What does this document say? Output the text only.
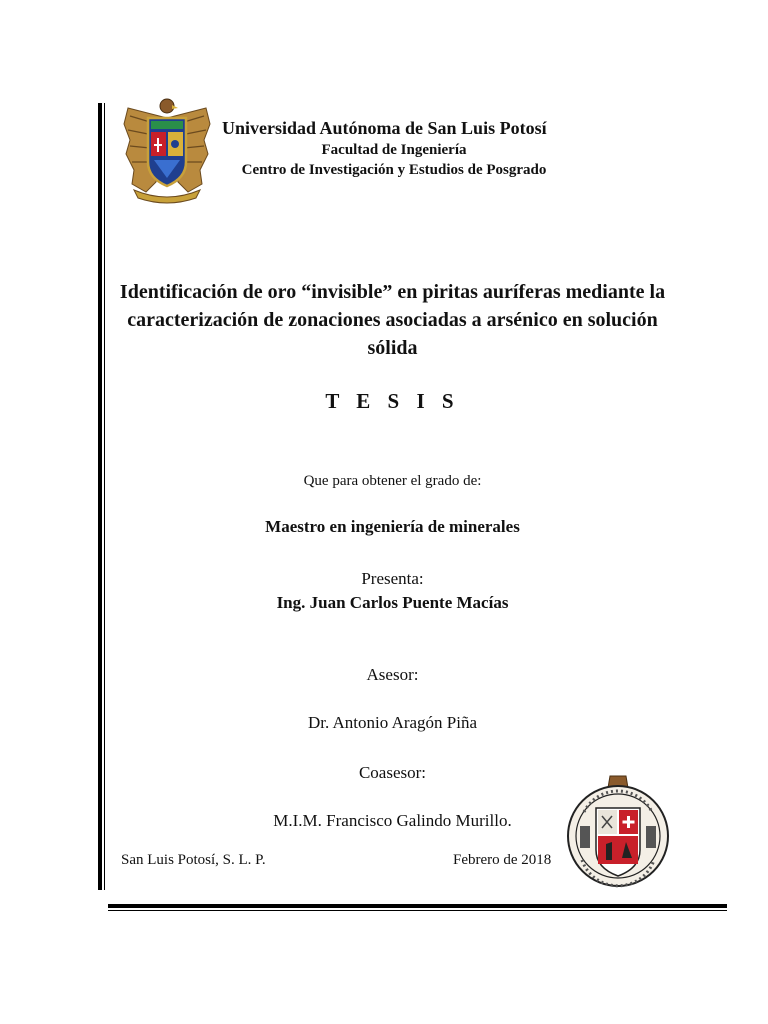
Universidad Autónoma de San Luis Potosí
Facultad de Ingeniería
Centro de Investigación y Estudios de Posgrado
Identificación de oro “invisible” en piritas auríferas mediante la caracterización de zonaciones asociadas a arsénico en solución sólida
T E S I S
Que para obtener el grado de:
Maestro en ingeniería de minerales
Presenta:
Ing. Juan Carlos Puente Macías
Asesor:
Dr. Antonio Aragón Piña
Coasesor:
M.I.M. Francisco Galindo Murillo.
San Luis Potosí, S. L. P.	Febrero de 2018
